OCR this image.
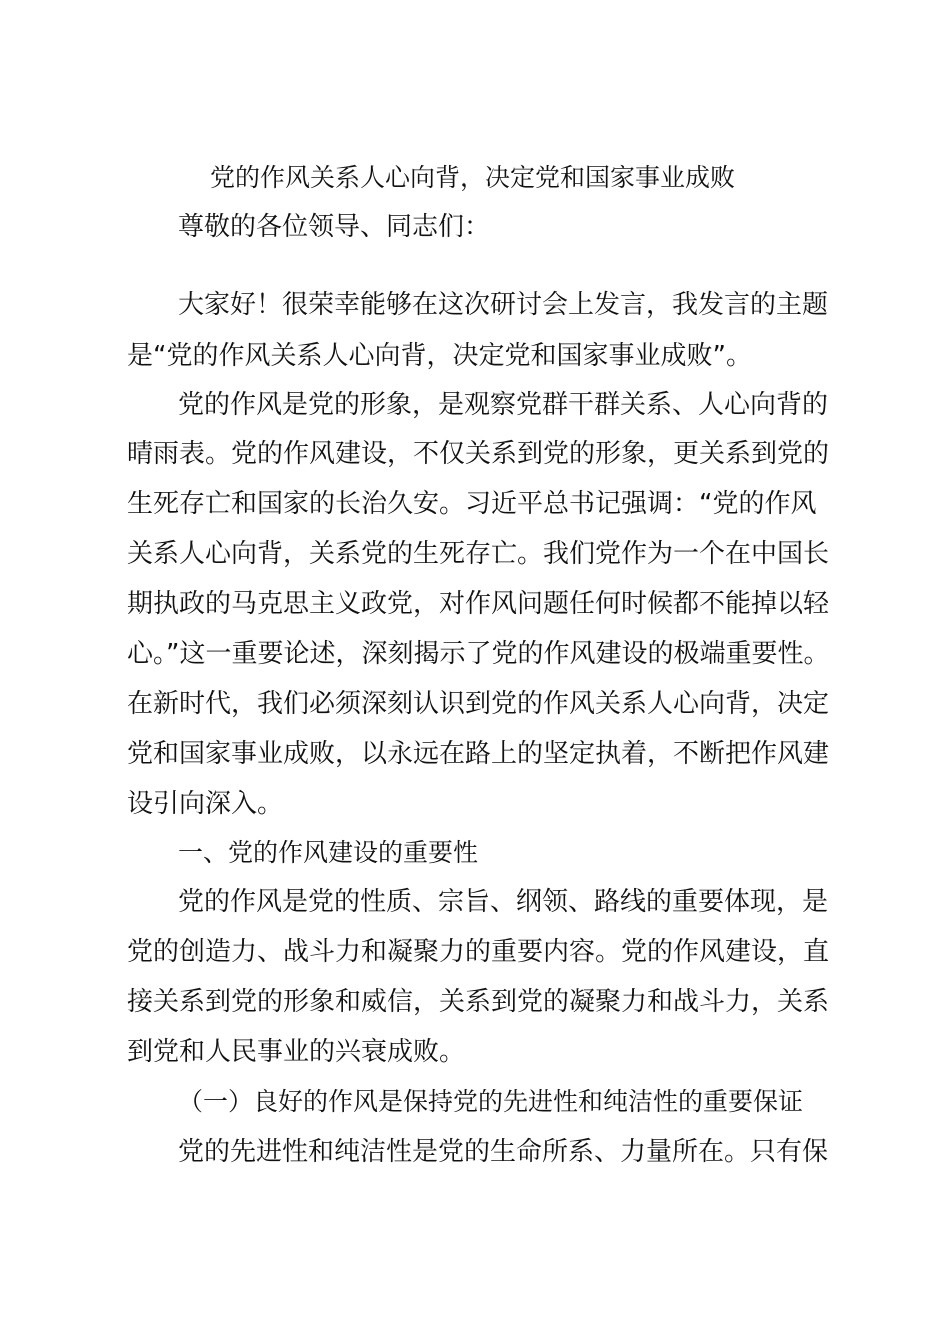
党的作风关系人心向背，决定党和国家事业成败
尊敬的各位领导、同志们：
大家好！很荣幸能够在这次研讨会上发言，我发言的主题
是“党的作风关系人心向背，决定党和国家事业成败”。
党的作风是党的形象，是观察党群干群关系、人心向背的
晴雨表。党的作风建设，不仅关系到党的形象，更关系到党的
生死存亡和国家的长治久安。习近平总书记强调：“党的作风
关系人心向背，关系党的生死存亡。我们党作为一个在中国长
期执政的马克思主义政党，对作风问题任何时候都不能掉以轻
心。”这一重要论述，深刻揭示了党的作风建设的极端重要性。
在新时代，我们必须深刻认识到党的作风关系人心向背，决定
党和国家事业成败，以永远在路上的坚定执着，不断把作风建
设引向深入。
一、党的作风建设的重要性
党的作风是党的性质、宗旨、纲领、路线的重要体现，是
党的创造力、战斗力和凝聚力的重要内容。党的作风建设，直
接关系到党的形象和威信，关系到党的凝聚力和战斗力，关系
到党和人民事业的兴衰成败。
（一）良好的作风是保持党的先进性和纯洁性的重要保证
党的先进性和纯洁性是党的生命所系、力量所在。只有保
